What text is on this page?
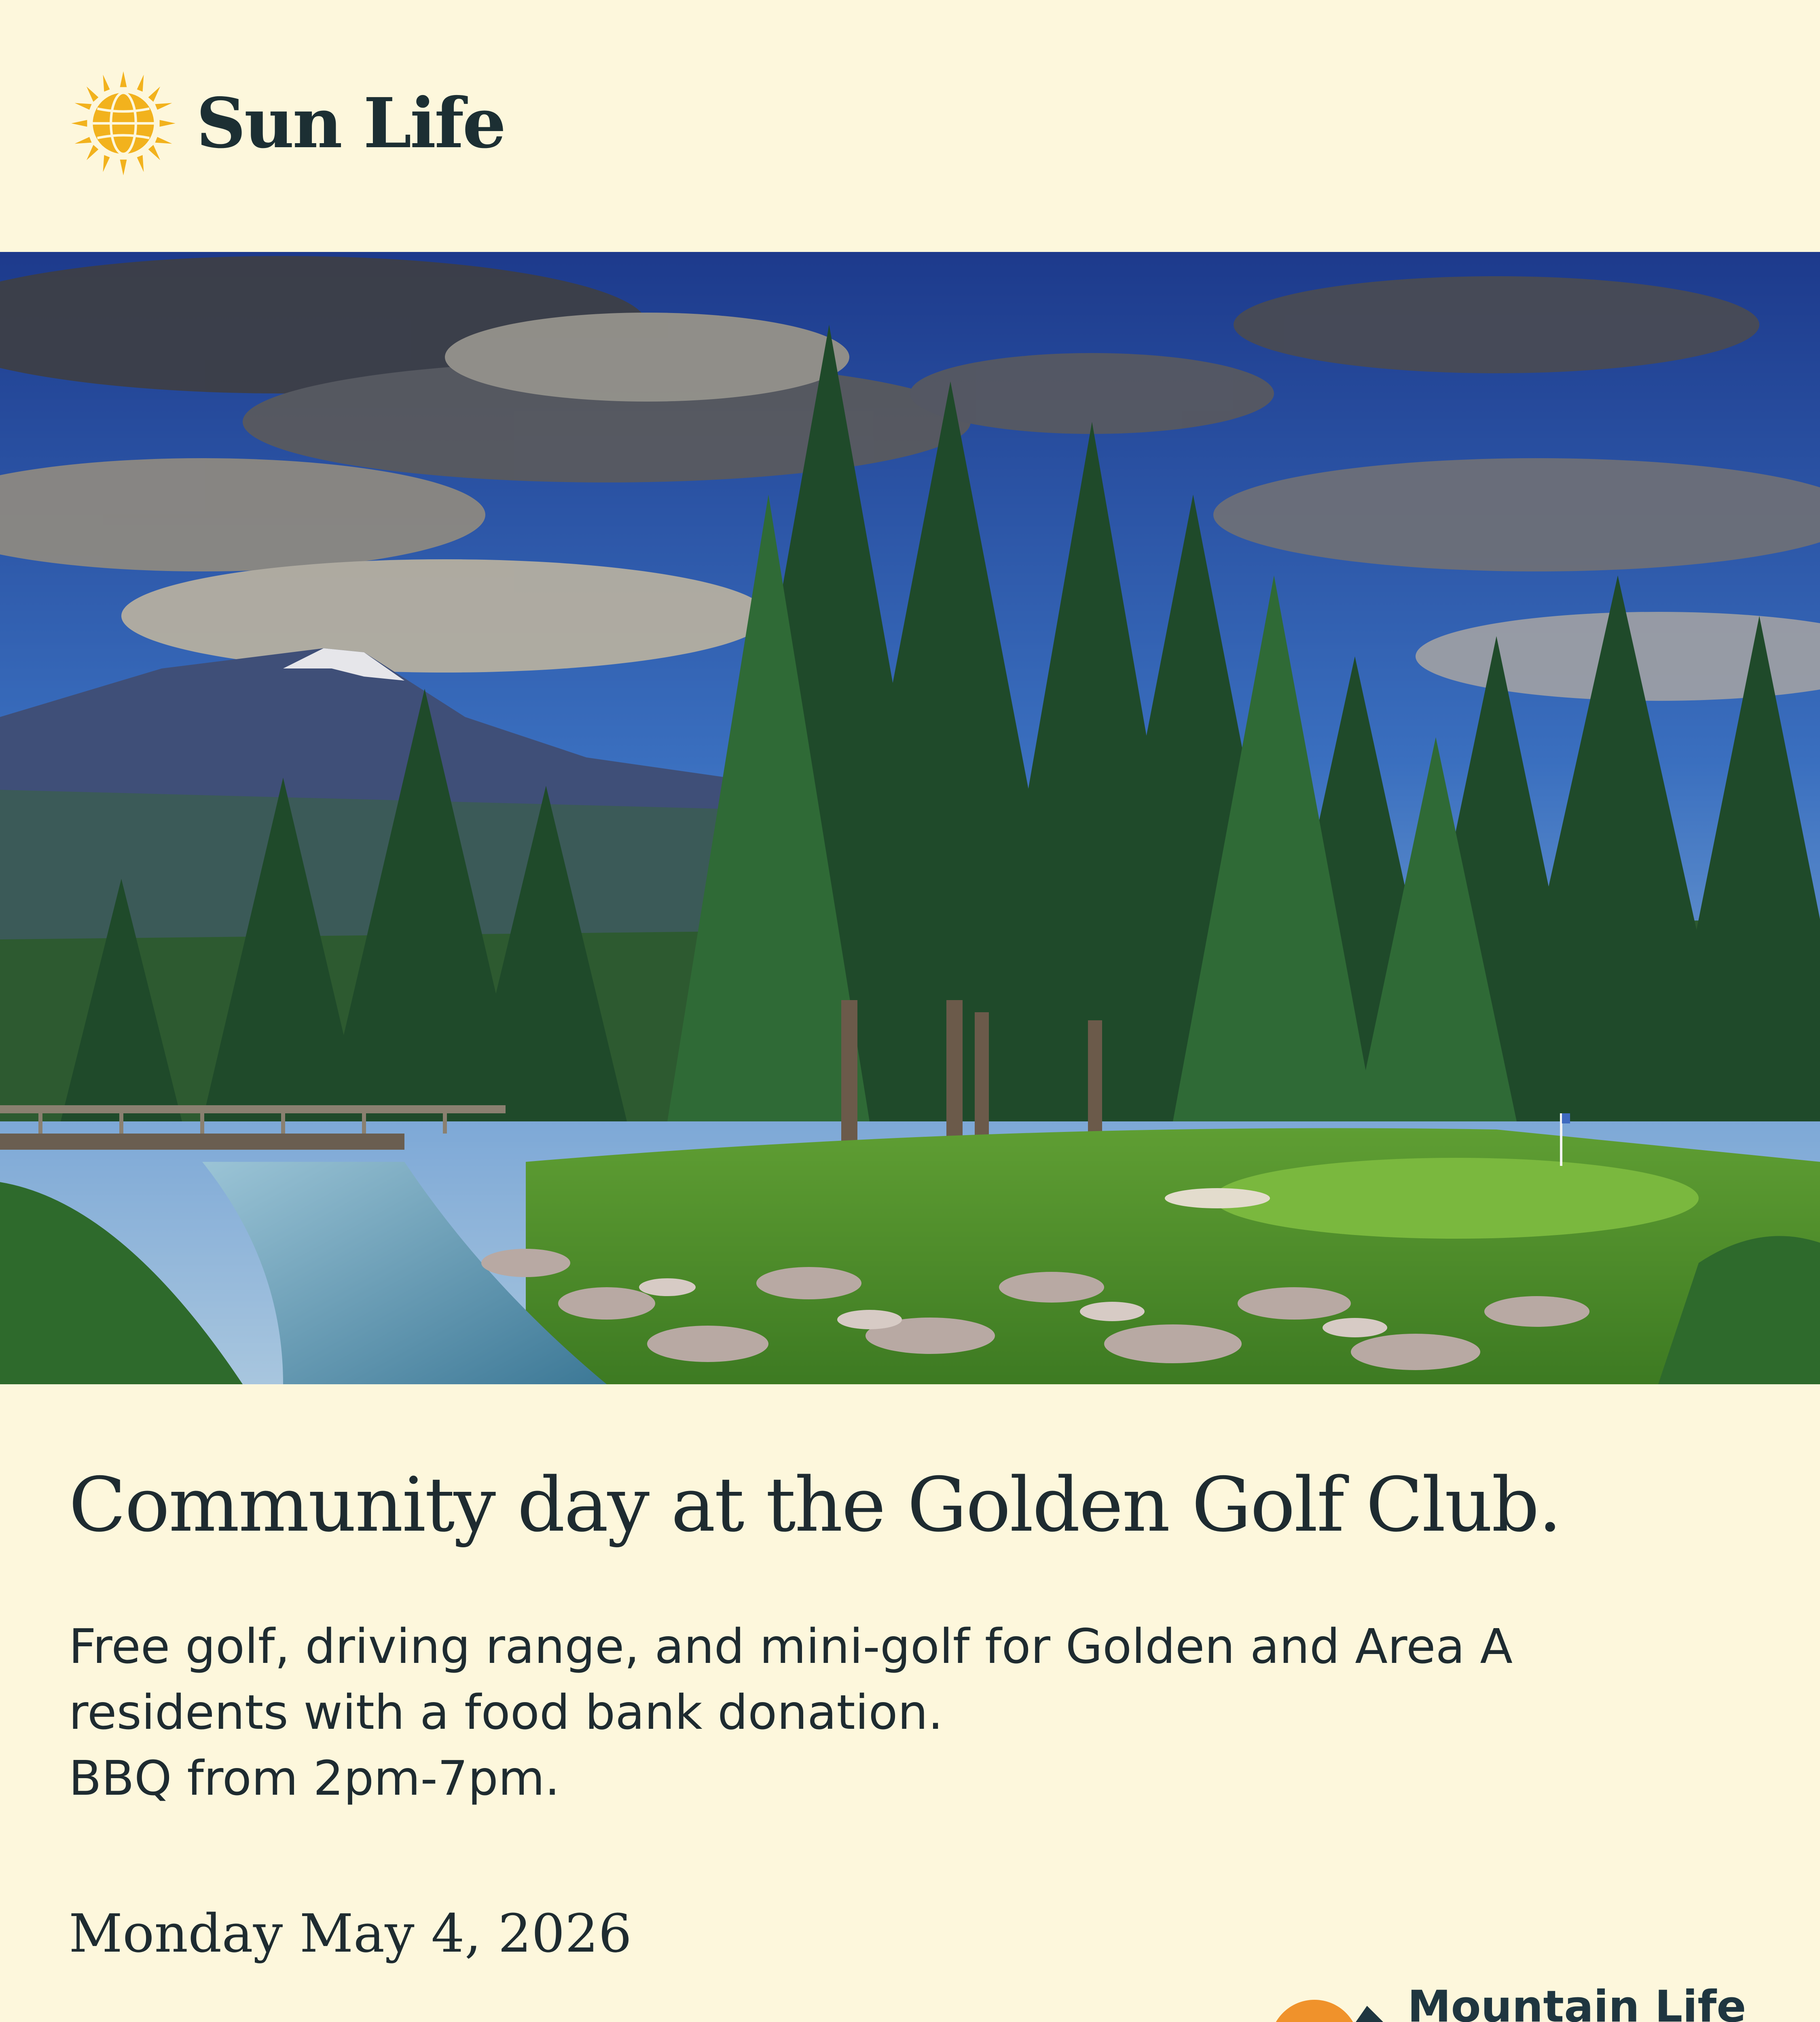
Sun Life
Community day at the Golden Golf Club.
Free golf, driving range, and mini-golf for Golden and Area A
residents with a food bank donation.
BBQ from 2pm-7pm.
Monday May 4, 2026
Mountain Life
